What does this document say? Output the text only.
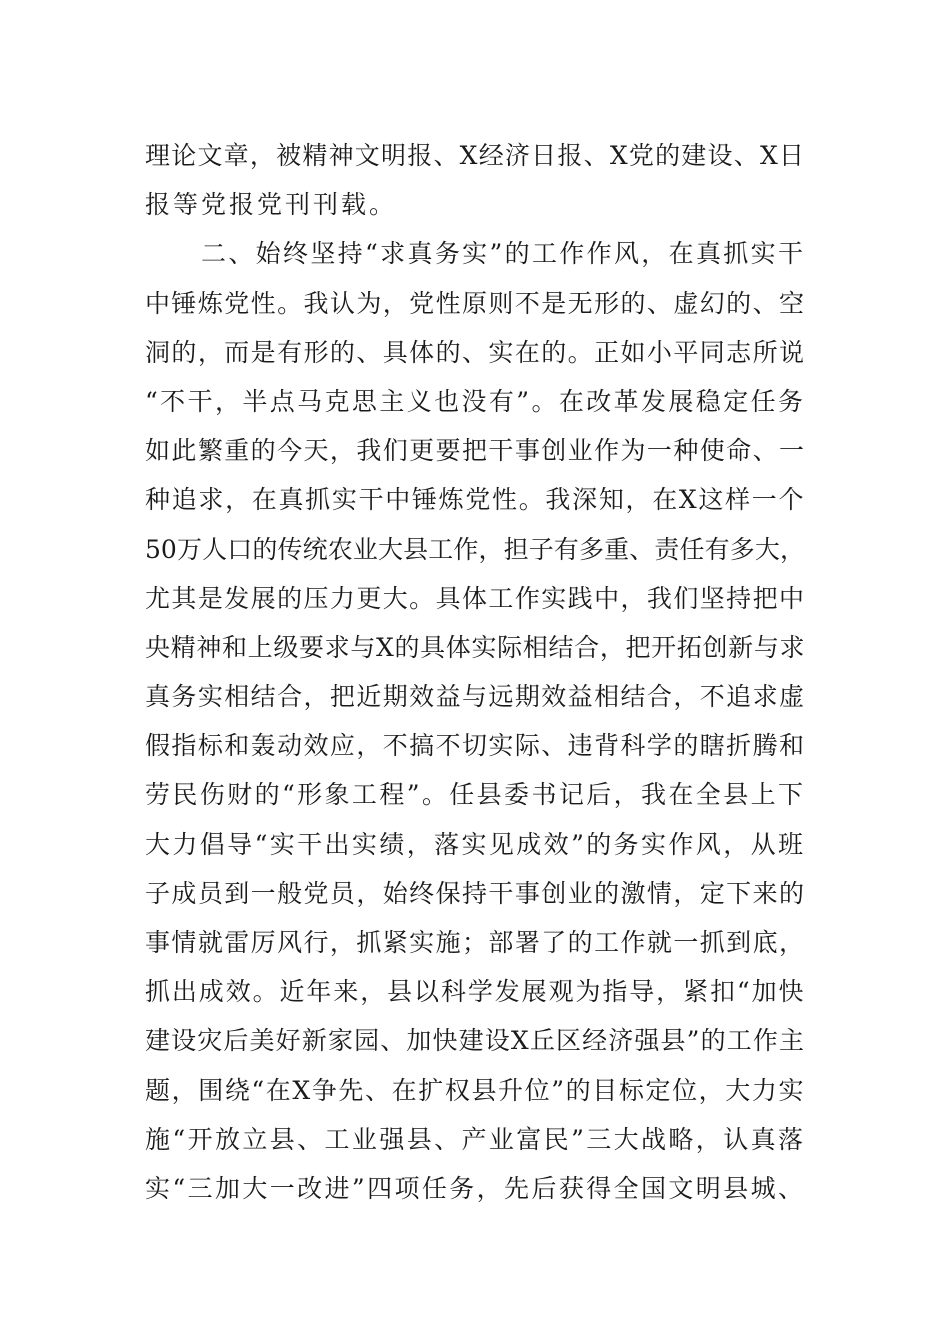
理论文章，被精神文明报、X经济日报、X党的建设、X日
报等党报党刊刊载。
二、始终坚持“求真务实”的工作作风，在真抓实干
中锤炼党性。我认为，党性原则不是无形的、虚幻的、空
洞的，而是有形的、具体的、实在的。正如小平同志所说
“不干，半点马克思主义也没有”。在改革发展稳定任务
如此繁重的今天，我们更要把干事创业作为一种使命、一
种追求，在真抓实干中锤炼党性。我深知，在X这样一个
50万人口的传统农业大县工作，担子有多重、责任有多大，
尤其是发展的压力更大。具体工作实践中，我们坚持把中
央精神和上级要求与X的具体实际相结合，把开拓创新与求
真务实相结合，把近期效益与远期效益相结合，不追求虚
假指标和轰动效应，不搞不切实际、违背科学的瞎折腾和
劳民伤财的“形象工程”。任县委书记后，我在全县上下
大力倡导“实干出实绩，落实见成效”的务实作风，从班
子成员到一般党员，始终保持干事创业的激情，定下来的
事情就雷厉风行，抓紧实施；部署了的工作就一抓到底，
抓出成效。近年来，县以科学发展观为指导，紧扣“加快
建设灾后美好新家园、加快建设X丘区经济强县”的工作主
题，围绕“在X争先、在扩权县升位”的目标定位，大力实
施“开放立县、工业强县、产业富民”三大战略，认真落
实“三加大一改进”四项任务，先后获得全国文明县城、
